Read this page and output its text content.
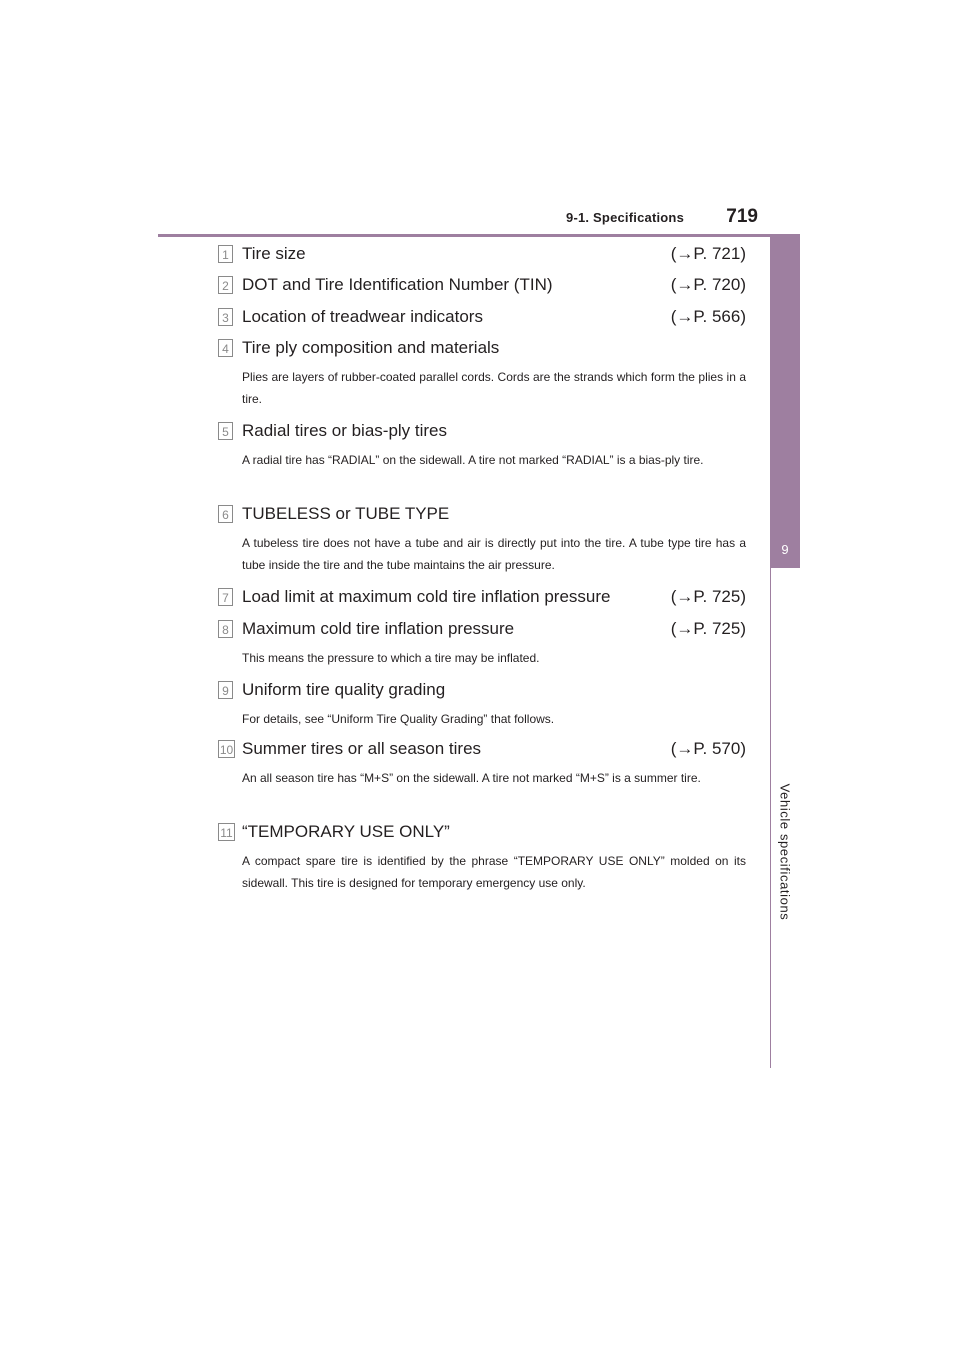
9-1. Specifications 719
9
Vehicle specifications
1 Tire size	(→P. 721)
2 DOT and Tire Identification Number (TIN)	(→P. 720)
3 Location of treadwear indicators	(→P. 566)
4 Tire ply composition and materials
Plies are layers of rubber-coated parallel cords. Cords are the strands which form the plies in a tire.
5 Radial tires or bias-ply tires
A radial tire has “RADIAL” on the sidewall. A tire not marked “RADIAL” is a bias-ply tire.
6 TUBELESS or TUBE TYPE
A tubeless tire does not have a tube and air is directly put into the tire. A tube type tire has a tube inside the tire and the tube maintains the air pressure.
7 Load limit at maximum cold tire inflation pressure	(→P. 725)
8 Maximum cold tire inflation pressure	(→P. 725)
This means the pressure to which a tire may be inflated.
9 Uniform tire quality grading
For details, see “Uniform Tire Quality Grading” that follows.
10 Summer tires or all season tires	(→P. 570)
An all season tire has “M+S” on the sidewall. A tire not marked “M+S” is a summer tire.
11 “TEMPORARY USE ONLY”
A compact spare tire is identified by the phrase “TEMPORARY USE ONLY” molded on its sidewall. This tire is designed for temporary emergency use only.
